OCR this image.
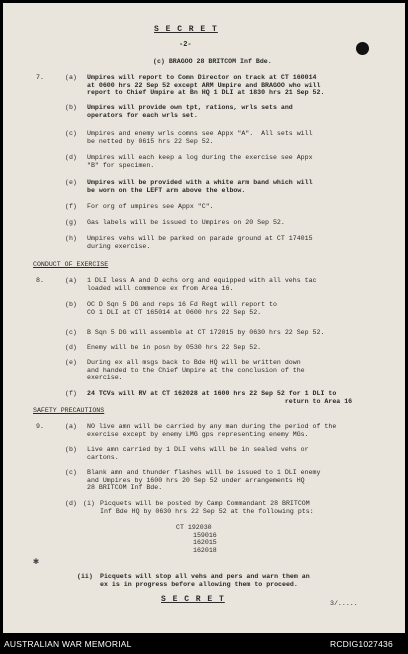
S E C R E T
-2-
(c) BRAGOO 28 BRITCOM Inf Bde.
7.	(a) Umpires will report to Comn Director on track at CT 160014
at 0600 hrs 22 Sep 52 except ARM Umpire and BRAGOO who will
report to Chief Umpire at Bn HQ 1 DLI at 1830 hrs 21 Sep 52.
(b) Umpires will provide own tpt, rations, wrls sets and
operators for each wrls set.
(c) Umpires and enemy wrls comns see Appx "A".  All sets will
be netted by 0615 hrs 22 Sep 52.
(d) Umpires will each keep a log during the exercise see Appx
"B" for specimen.
(e) Umpires will be provided with a white arm band which will
be worn on the LEFT arm above the elbow.
(f) For org of umpires see Appx "C".
(g) Gas labels will be issued to Umpires on 20 Sep 52.
(h) Umpires vehs will be parked on parade ground at CT 174015
during exercise.
CONDUCT OF EXERCISE
8.	(a) 1 DLI less A and D echs org and equipped with all vehs tac
loaded will commence ex from Area 16.
(b) OC D Sqn 5 DG and reps 16 Fd Regt will report to
CO 1 DLI at CT 165014 at 0600 hrs 22 Sep 52.
(c) B Sqn 5 DG will assemble at CT 172015 by 0630 hrs 22 Sep 52.
(d) Enemy will be in posn by 0530 hrs 22 Sep 52.
(e) During ex all msgs back to Bde HQ will be written down
and handed to the Chief Umpire at the conclusion of the
exercise.
(f) 24 TCVs will RV at CT 162028 at 1600 hrs 22 Sep 52 for 1 DLI to
return to Area 16
SAFETY PRECAUTIONS
9.	(a) NO live amn will be carried by any man during the period of the
exercise except by enemy LMG gps representing enemy MGs.
(b) Live amn carried by 1 DLI vehs will be in sealed vehs or
cartons.
(c) Blank amn and thunder flashes will be issued to 1 DLI enemy
and Umpires by 1600 hrs 20 Sep 52 under arrangements HQ
28 BRITCOM Inf Bde.
(d) (i) Picquets will be posted by Camp Commandant 28 BRITCOM
Inf Bde HQ by 0630 hrs 22 Sep 52 at the following pts:
CT 192030
159016
162015
162018
(ii) Picquets will stop all vehs and pers and warn them an
ex is in progress before allowing them to proceed.
✱
S E C R E T	3/.....
AUSTRALIAN WAR MEMORIAL	RCDIG1027436
